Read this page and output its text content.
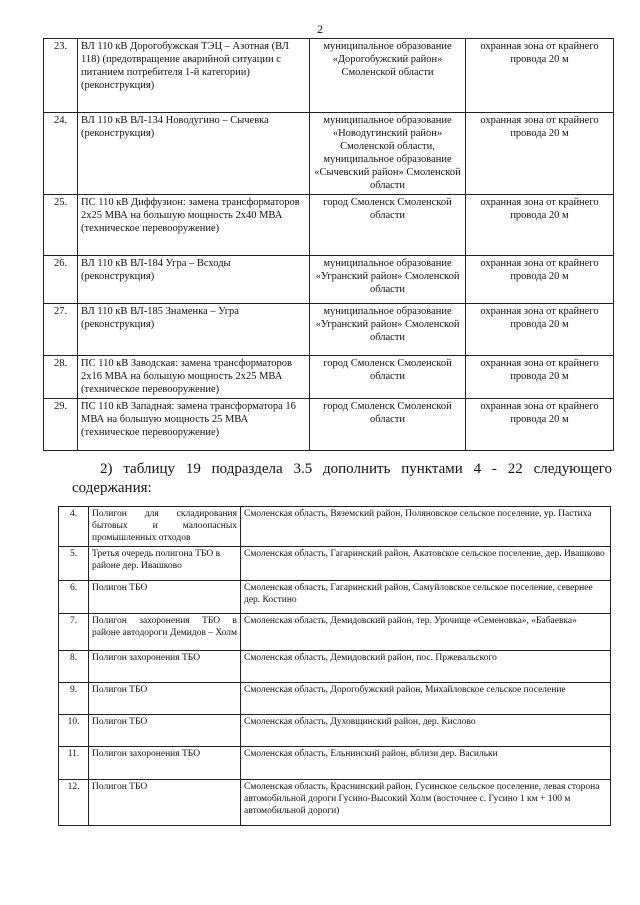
2
23.	ВЛ 110 кВ Дорогобужская ТЭЦ – Азотная (ВЛ 118) (предотвращение аварийной ситуации с питанием потребителя 1-й категории) (реконструкция)	муниципальное образование «Дорогобужский район» Смоленской области	охранная зона от крайнего провода 20 м
24.	ВЛ 110 кВ ВЛ-134 Новодугино – Сычевка (реконструкция)	муниципальное образование «Новодугинский район» Смоленской области, муниципальное образование «Сычевский район» Смоленской области	охранная зона от крайнего провода 20 м
25.	ПС 110 кВ Диффузион: замена трансформаторов 2х25 МВА на большую мощность 2х40 МВА (техническое перевооружение)	город Смоленск Смоленской области	охранная зона от крайнего провода 20 м
26.	ВЛ 110 кВ ВЛ-184 Угра – Всходы (реконструкция)	муниципальное образование «Угранский район» Смоленской области	охранная зона от крайнего провода 20 м
27.	ВЛ 110 кВ ВЛ-185 Знаменка – Угра (реконструкция)	муниципальное образование «Угранский район» Смоленской области	охранная зона от крайнего провода 20 м
28.	ПС 110 кВ Заводская: замена трансформаторов 2х16 МВА на большую мощность 2х25 МВА (техническое перевооружение)	город Смоленск Смоленской области	охранная зона от крайнего провода 20 м
29.	ПС 110 кВ Западная: замена трансформатора 16 МВА на большую мощность 25 МВА (техническое перевооружение)	город Смоленск Смоленской области	охранная зона от крайнего провода 20 м
2) таблицу 19 подраздела 3.5 дополнить пунктами 4 - 22 следующего
содержания:
4.	Полигон для складирования бытовых и малоопасных промышленных отходов	Смоленская область, Вяземский район, Поляновское сельское поселение, ур. Пастиха
5.	Третья очередь полигона ТБО в районе дер. Ивашково	Смоленская область, Гагаринский район, Акатовское сельское поселение, дер. Ивашково
6.	Полигон ТБО	Смоленская область, Гагаринский район, Самуйловское сельское поселение, севернее дер. Костино
7.	Полигон захоронения ТБО в районе автодороги Демидов – Холм	Смоленская область, Демидовский район, тер. Урочище «Семеновка», «Бабаевка»
8.	Полигон захоронения ТБО	Смоленская область, Демидовский район, пос. Пржевальского
9.	Полигон ТБО	Смоленская область, Дорогобужский район, Михайловское сельское поселение
10.	Полигон ТБО	Смоленская область, Духовщинский район, дер. Кислово
11.	Полигон захоронения ТБО	Смоленская область, Ельнинский район, вблизи дер. Васильки
12.	Полигон ТБО	Смоленская область, Краснинский район, Гусинское сельское поселение, левая сторона автомобильной дороги Гусино-Высокий Холм (восточнее с. Гусино 1 км + 100 м автомобильной дороги)
